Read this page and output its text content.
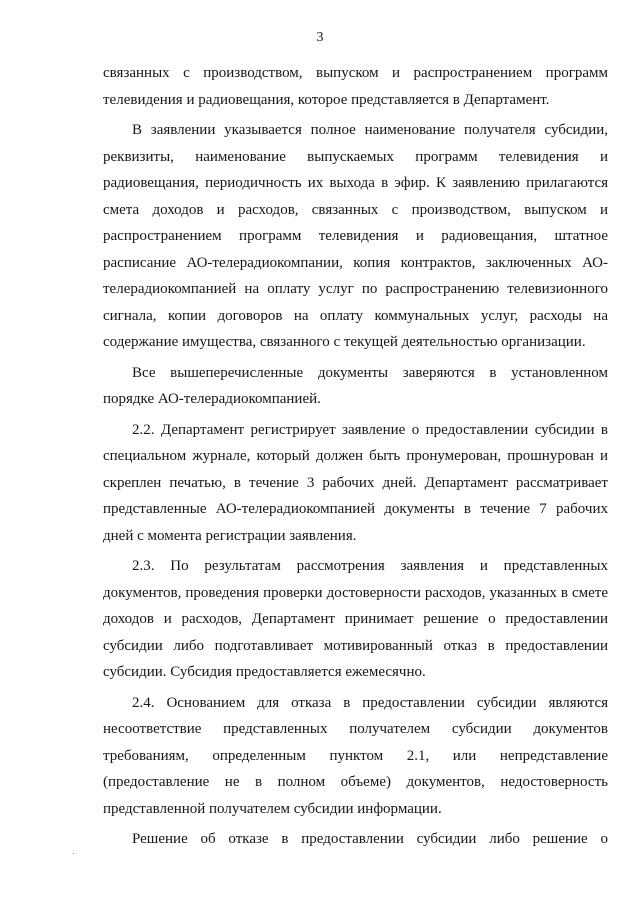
3

связанных с производством, выпуском и распространением программ телевидения и радиовещания, которое представляется в Департамент.

В заявлении указывается полное наименование получателя субсидии, реквизиты, наименование выпускаемых программ телевидения и радиовещания, периодичность их выхода в эфир. К заявлению прилагаются смета доходов и расходов, связанных с производством, выпуском и распространением программ телевидения и радиовещания, штатное расписание АО-телерадиокомпании, копия контрактов, заключенных АО-телерадиокомпанией на оплату услуг по распространению телевизионного сигнала, копии договоров на оплату коммунальных услуг, расходы на содержание имущества, связанного с текущей деятельностью организации.

Все вышеперечисленные документы заверяются в установленном порядке АО-телерадиокомпанией.

2.2. Департамент регистрирует заявление о предоставлении субсидии в специальном журнале, который должен быть пронумерован, прошнурован и скреплен печатью, в течение 3 рабочих дней. Департамент рассматривает представленные АО-телерадиокомпанией документы в течение 7 рабочих дней с момента регистрации заявления.

2.3. По результатам рассмотрения заявления и представленных документов, проведения проверки достоверности расходов, указанных в смете доходов и расходов, Департамент принимает решение о предоставлении субсидии либо подготавливает мотивированный отказ в предоставлении субсидии. Субсидия предоставляется ежемесячно.

2.4. Основанием для отказа в предоставлении субсидии являются несоответствие представленных получателем субсидии документов требованиям, определенным пунктом 2.1, или непредставление (предоставление не в полном объеме) документов, недостоверность представленной получателем субсидии информации.

Решение об отказе в предоставлении субсидии либо решение о
